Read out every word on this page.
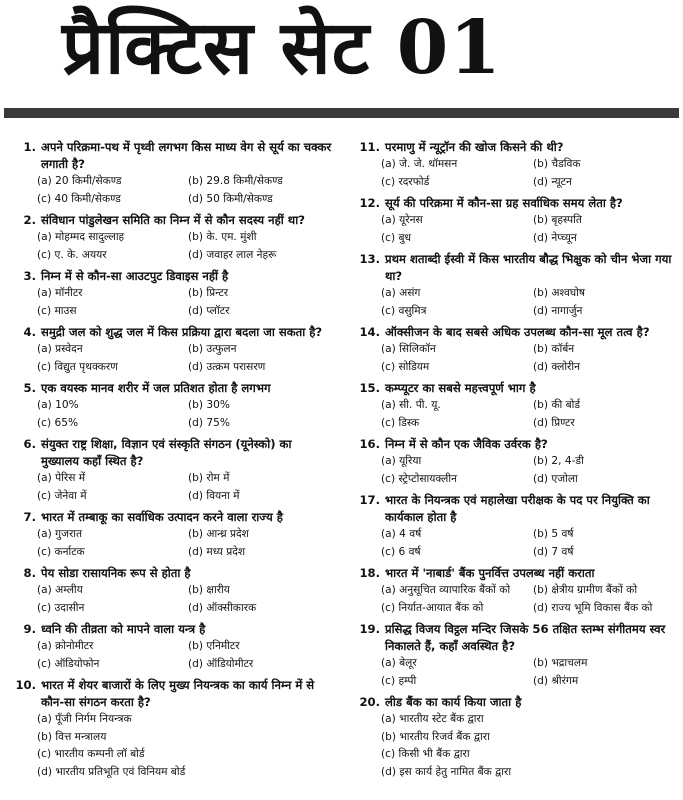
प्रैक्टिस सेट 01
1. अपने परिक्रमा-पथ में पृथ्वी लगभग किस माध्य वेग से सूर्य का चक्कर लगाती है?
(a) 20 किमी/सेकण्ड	(b) 29.8 किमी/सेकण्ड
(c) 40 किमी/सेकण्ड	(d) 50 किमी/सेकण्ड
2. संविधान पांडुलेखन समिति का निम्न में से कौन सदस्य नहीं था?
(a) मोहम्मद सादुल्लाह	(b) के. एम. मुंशी
(c) ए. के. अययर	(d) जवाहर लाल नेहरू
3. निम्न में से कौन-सा आउटपुट डिवाइस नहीं है
(a) मॉनीटर	(b) प्रिन्टर
(c) माउस	(d) प्लॉटर
4. समुद्री जल को शुद्ध जल में किस प्रक्रिया द्वारा बदला जा सकता है?
(a) प्रस्वेदन	(b) उत्फुलन
(c) विद्युत पृथक्करण	(d) उत्क्रम परासरण
5. एक वयस्क मानव शरीर में जल प्रतिशत होता है लगभग
(a) 10%	(b) 30%
(c) 65%	(d) 75%
6. संयुक्त राष्ट्र शिक्षा, विज्ञान एवं संस्कृति संगठन (यूनेस्को) का मुख्यालय कहाँ स्थित है?
(a) पेरिस में	(b) रोम में
(c) जेनेवा में	(d) वियना में
7. भारत में तम्बाकू का सर्वाधिक उत्पादन करने वाला राज्य है
(a) गुजरात	(b) आन्ध्र प्रदेश
(c) कर्नाटक	(d) मध्य प्रदेश
8. पेय सोडा रासायनिक रूप से होता है
(a) अम्लीय	(b) क्षारीय
(c) उदासीन	(d) ऑक्सीकारक
9. ध्वनि की तीव्रता को मापने वाला यन्त्र है
(a) क्रोनोमीटर	(b) एनिमीटर
(c) ऑडियोफोन	(d) ऑडियोमीटर
10. भारत में शेयर बाजारों के लिए मुख्य नियन्त्रक का कार्य निम्न में से कौन-सा संगठन करता है?
(a) पूँजी निर्गम नियन्त्रक
(b) वित्त मन्त्रालय
(c) भारतीय कम्पनी लॉ बोर्ड
(d) भारतीय प्रतिभूति एवं विनियम बोर्ड
11. परमाणु में न्यूट्रॉन की खोज किसने की थी?
(a) जे. जे. थॉमसन	(b) चैडविक
(c) रदरफोर्ड	(d) न्यूटन
12. सूर्य की परिक्रमा में कौन-सा ग्रह सर्वाधिक समय लेता है?
(a) यूरेनस	(b) बृहस्पति
(c) बुध	(d) नेप्च्यून
13. प्रथम शताब्दी ईस्वी में किस भारतीय बौद्ध भिक्षुक को चीन भेजा गया था?
(a) असंग	(b) अश्वघोष
(c) वसुमित्र	(d) नागार्जुन
14. ऑक्सीजन के बाद सबसे अधिक उपलब्ध कौन-सा मूल तत्व है?
(a) सिलिकॉन	(b) कॉर्बन
(c) सोडियम	(d) क्लोरीन
15. कम्प्यूटर का सबसे महत्त्वपूर्ण भाग है
(a) सी. पी. यू.	(b) की बोर्ड
(c) डिस्क	(d) प्रिण्टर
16. निम्न में से कौन एक जैविक उर्वरक है?
(a) यूरिया	(b) 2, 4-डी
(c) स्ट्रेप्टोसायक्लीन	(d) एजोला
17. भारत के नियन्त्रक एवं महालेखा परीक्षक के पद पर नियुक्ति का कार्यकाल होता है
(a) 4 वर्ष	(b) 5 वर्ष
(c) 6 वर्ष	(d) 7 वर्ष
18. भारत में 'नाबार्ड' बैंक पुनर्वित्त उपलब्ध नहीं कराता
(a) अनुसूचित व्यापारिक बैंकों को	(b) क्षेत्रीय ग्रामीण बैंकों को
(c) निर्यात-आयात बैंक को	(d) राज्य भूमि विकास बैंक को
19. प्रसिद्ध विजय विट्ठल मन्दिर जिसके 56 तक्षित स्तम्भ संगीतमय स्वर निकालते हैं, कहाँ अवस्थित है?
(a) बेलूर	(b) भद्राचलम
(c) हम्पी	(d) श्रीरंगम
20. लीड बैंक का कार्य किया जाता है
(a) भारतीय स्टेट बैंक द्वारा
(b) भारतीय रिजर्व बैंक द्वारा
(c) किसी भी बैंक द्वारा
(d) इस कार्य हेतु नामित बैंक द्वारा
